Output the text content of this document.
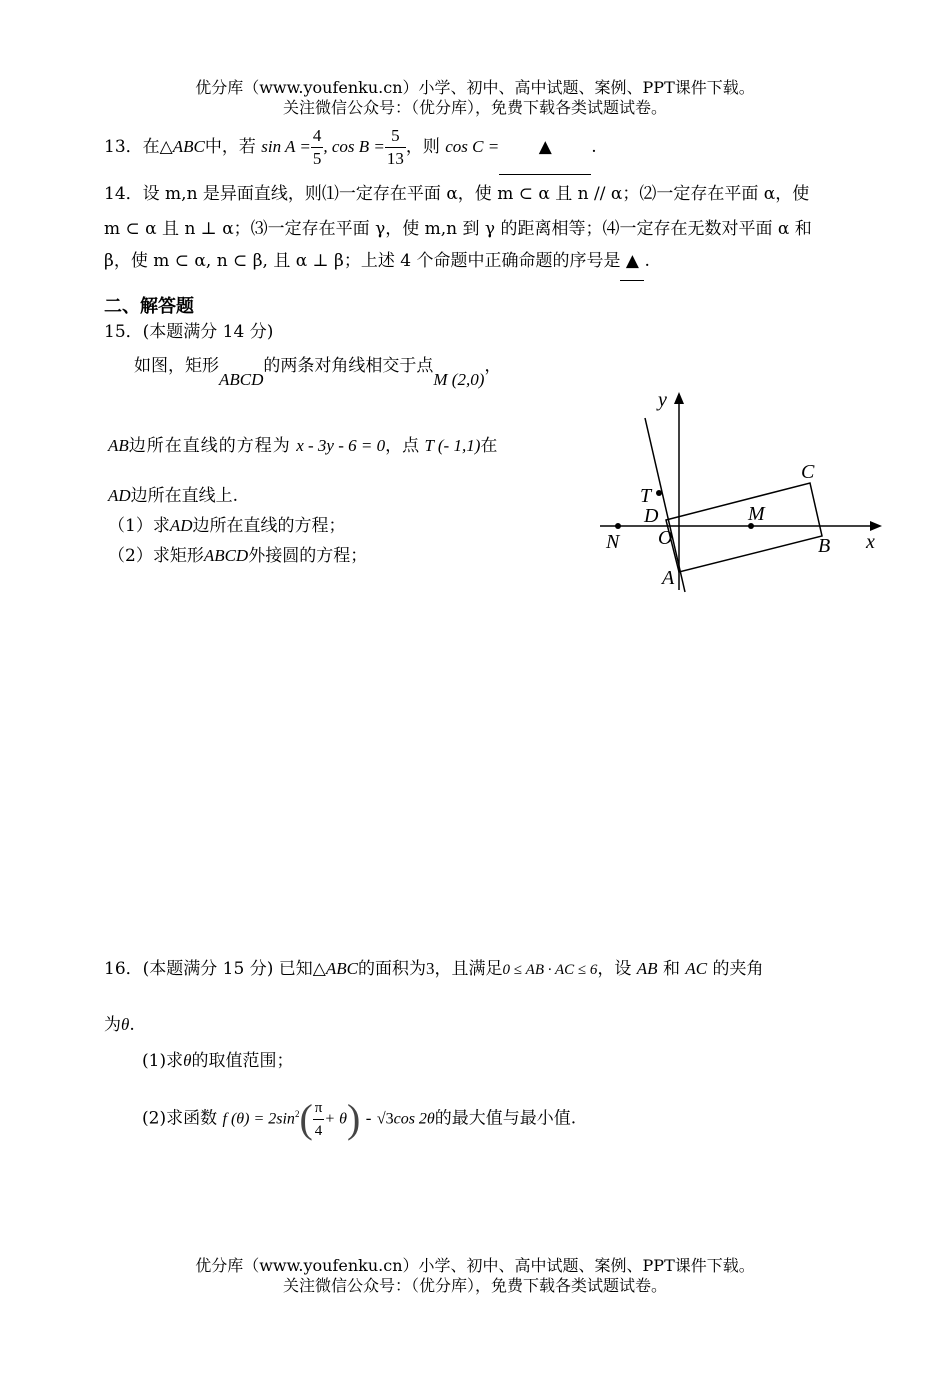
优分库（www.youfenku.cn）小学、初中、高中试题、案例、PPT课件下载。
关注微信公众号：（优分库），免费下载各类试题试卷。
13．在△ABC中，若 $\sin A = \frac{4}{5}$ , $\cos B = \frac{5}{13}$ ，则 cos C = ▲ .
14．设 m,n 是异面直线，则⑴一定存在平面 α，使 m ⊂ α 且 n // α；⑵一定存在平面 α，使
m ⊂ α 且 n ⊥ α；⑶一定存在平面 γ，使 m,n 到 γ 的距离相等；⑷一定存在无数对平面 α 和
β，使 m ⊂ α, n ⊂ β, 且 α ⊥ β；上述 4 个命题中正确命题的序号是 ▲ .
二、解答题
15．(本题满分 14 分)
如图，矩形ABCD的两条对角线相交于点M (2,0)，
AB边所在直线的方程为 x - 3y - 6 = 0，点 T (- 1,1)在
AD边所在直线上.
（1）求AD边所在直线的方程；
（2）求矩形ABCD外接圆的方程；
y
x
T
D
O
M
C
N	B
A
16．(本题满分 15 分) 已知△ABC的面积为3，且满足0 ≤ AB · AC ≤ 6，设 AB 和 AC 的夹角
为θ.
(1)求θ的取值范围；
(2)求函数 f $(\theta) = 2\sin^2( \frac{\pi}{4} + \theta) - √3\cos$ 2θ的最大值与最小值.
优分库（www.youfenku.cn）小学、初中、高中试题、案例、PPT课件下载。
关注微信公众号：（优分库），免费下载各类试题试卷。
